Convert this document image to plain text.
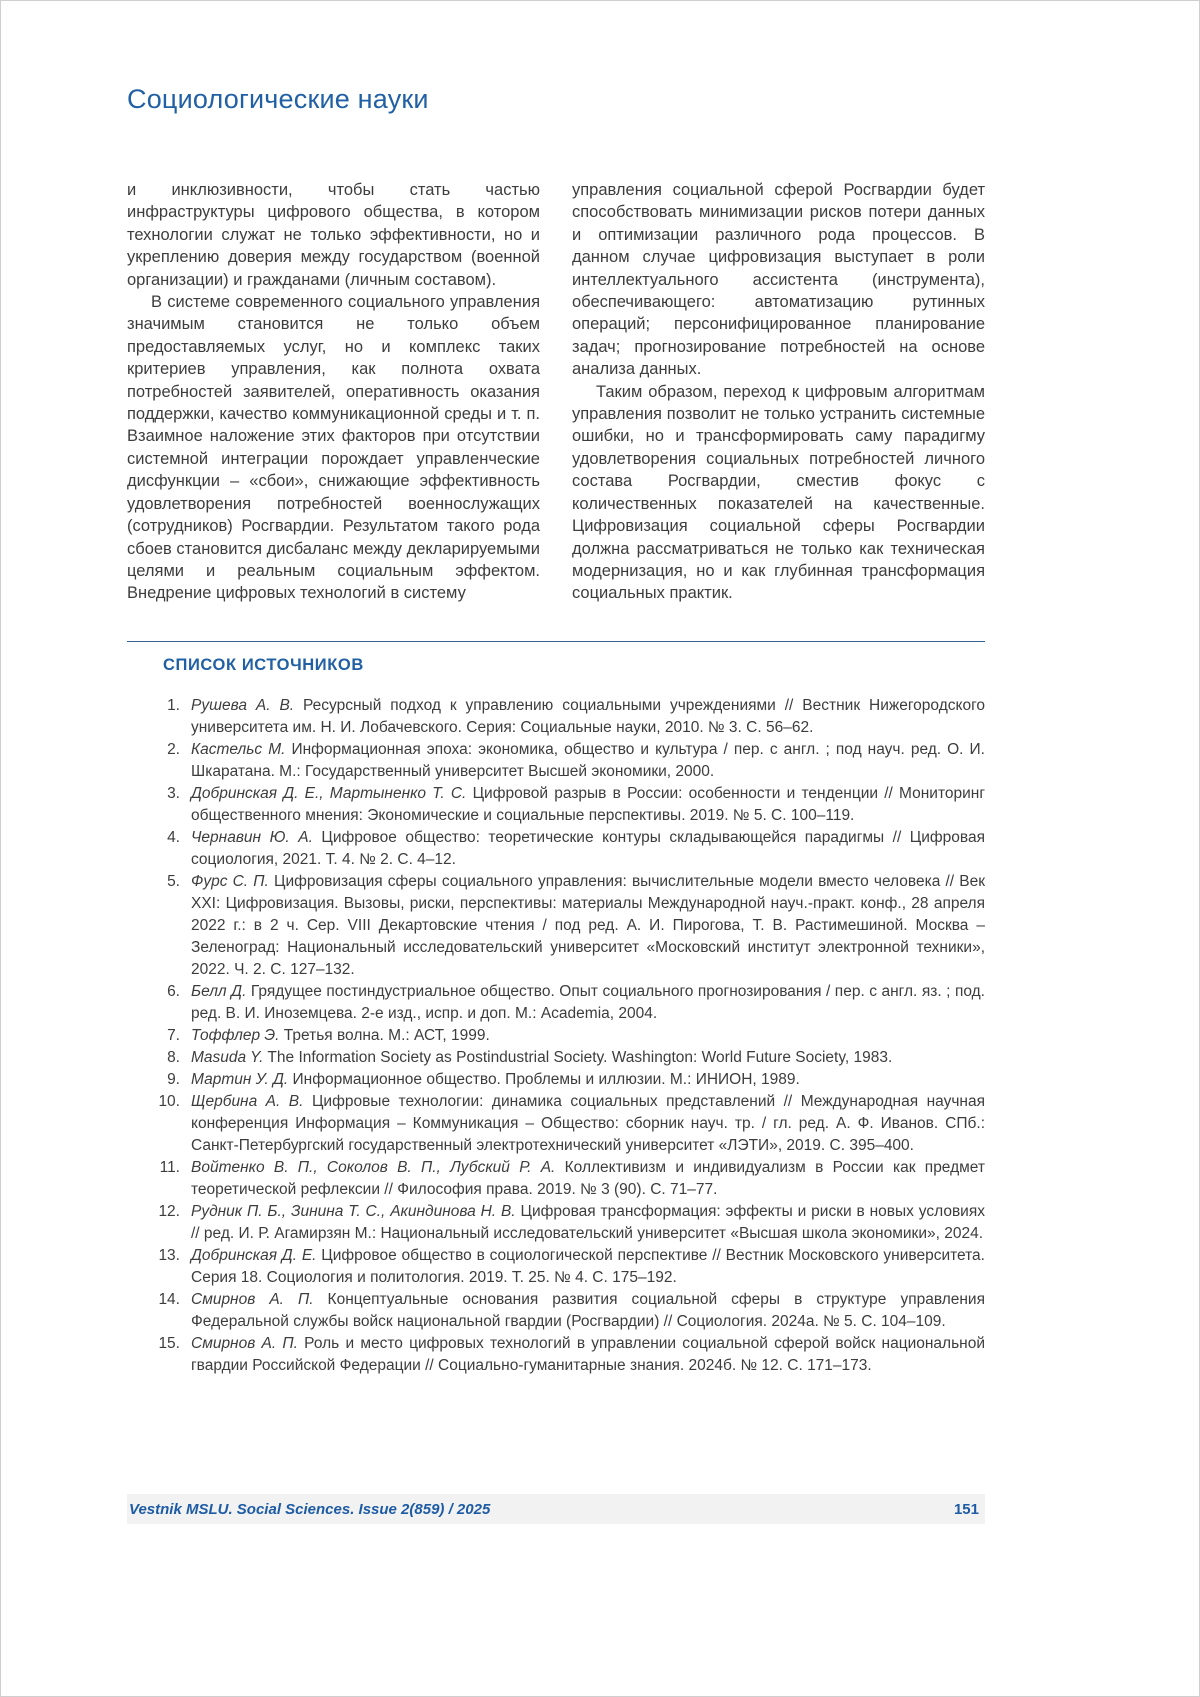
Социологические науки

и инклюзивности, чтобы стать частью инфраструктуры цифрового общества, в котором технологии служат не только эффективности, но и укреплению доверия между государством (военной организации) и гражданами (личным составом).

В системе современного социального управления значимым становится не только объем предоставляемых услуг, но и комплекс таких критериев управления, как полнота охвата потребностей заявителей, оперативность оказания поддержки, качество коммуникационной среды и т. п. Взаимное наложение этих факторов при отсутствии системной интеграции порождает управленческие дисфункции – «сбои», снижающие эффективность удовлетворения потребностей военнослужащих (сотрудников) Росгвардии. Результатом такого рода сбоев становится дисбаланс между декларируемыми целями и реальным социальным эффектом. Внедрение цифровых технологий в систему

управления социальной сферой Росгвардии будет способствовать минимизации рисков потери данных и оптимизации различного рода процессов. В данном случае цифровизация выступает в роли интеллектуального ассистента (инструмента), обеспечивающего: автоматизацию рутинных операций; персонифицированное планирование задач; прогнозирование потребностей на основе анализа данных.

Таким образом, переход к цифровым алгоритмам управления позволит не только устранить системные ошибки, но и трансформировать саму парадигму удовлетворения социальных потребностей личного состава Росгвардии, сместив фокус с количественных показателей на качественные. Цифровизация социальной сферы Росгвардии должна рассматриваться не только как техническая модернизация, но и как глубинная трансформация социальных практик.

СПИСОК ИСТОЧНИКОВ
1. Рушева А. В. Ресурсный подход к управлению социальными учреждениями // Вестник Нижегородского университета им. Н. И. Лобачевского. Серия: Социальные науки, 2010. № 3. С. 56–62.
2. Кастельс М. Информационная эпоха: экономика, общество и культура / пер. с англ. ; под науч. ред. О. И. Шкаратана. М.: Государственный университет Высшей экономики, 2000.
3. Добринская Д. Е., Мартыненко Т. С. Цифровой разрыв в России: особенности и тенденции // Мониторинг общественного мнения: Экономические и социальные перспективы. 2019. № 5. С. 100–119.
4. Чернавин Ю. А. Цифровое общество: теоретические контуры складывающейся парадигмы // Цифровая социология, 2021. Т. 4. № 2. С. 4–12.
5. Фурс С. П. Цифровизация сферы социального управления: вычислительные модели вместо человека // Век XXI: Цифровизация. Вызовы, риски, перспективы: материалы Международной науч.-практ. конф., 28 апреля 2022 г.: в 2 ч. Сер. VIII Декартовские чтения / под ред. А. И. Пирогова, Т. В. Растимешиной. Москва – Зеленоград: Национальный исследовательский университет «Московский институт электронной техники», 2022. Ч. 2. С. 127–132.
6. Белл Д. Грядущее постиндустриальное общество. Опыт социального прогнозирования / пер. с англ. яз. ; под. ред. В. И. Иноземцева. 2-е изд., испр. и доп. М.: Academia, 2004.
7. Тоффлер Э. Третья волна. М.: АСТ, 1999.
8. Masuda Y. The Information Society as Postindustrial Society. Washington: World Future Society, 1983.
9. Мартин У. Д. Информационное общество. Проблемы и иллюзии. М.: ИНИОН, 1989.
10. Щербина А. В. Цифровые технологии: динамика социальных представлений // Международная научная конференция Информация – Коммуникация – Общество: сборник науч. тр. / гл. ред. А. Ф. Иванов. СПб.: Санкт-Петербургский государственный электротехнический университет «ЛЭТИ», 2019. С. 395–400.
11. Войтенко В. П., Соколов В. П., Лубский Р. А. Коллективизм и индивидуализм в России как предмет теоретической рефлексии // Философия права. 2019. № 3 (90). С. 71–77.
12. Рудник П. Б., Зинина Т. С., Акиндинова Н. В. Цифровая трансформация: эффекты и риски в новых условиях // ред. И. Р. Агамирзян М.: Национальный исследовательский университет «Высшая школа экономики», 2024.
13. Добринская Д. Е. Цифровое общество в социологической перспективе // Вестник Московского университета. Серия 18. Социология и политология. 2019. Т. 25. № 4. С. 175–192.
14. Смирнов А. П. Концептуальные основания развития социальной сферы в структуре управления Федеральной службы войск национальной гвардии (Росгвардии) // Социология. 2024а. № 5. С. 104–109.
15. Смирнов А. П. Роль и место цифровых технологий в управлении социальной сферой войск национальной гвардии Российской Федерации // Социально-гуманитарные знания. 2024б. № 12. С. 171–173.
Vestnik MSLU. Social Sciences. Issue 2(859) / 2025	151
